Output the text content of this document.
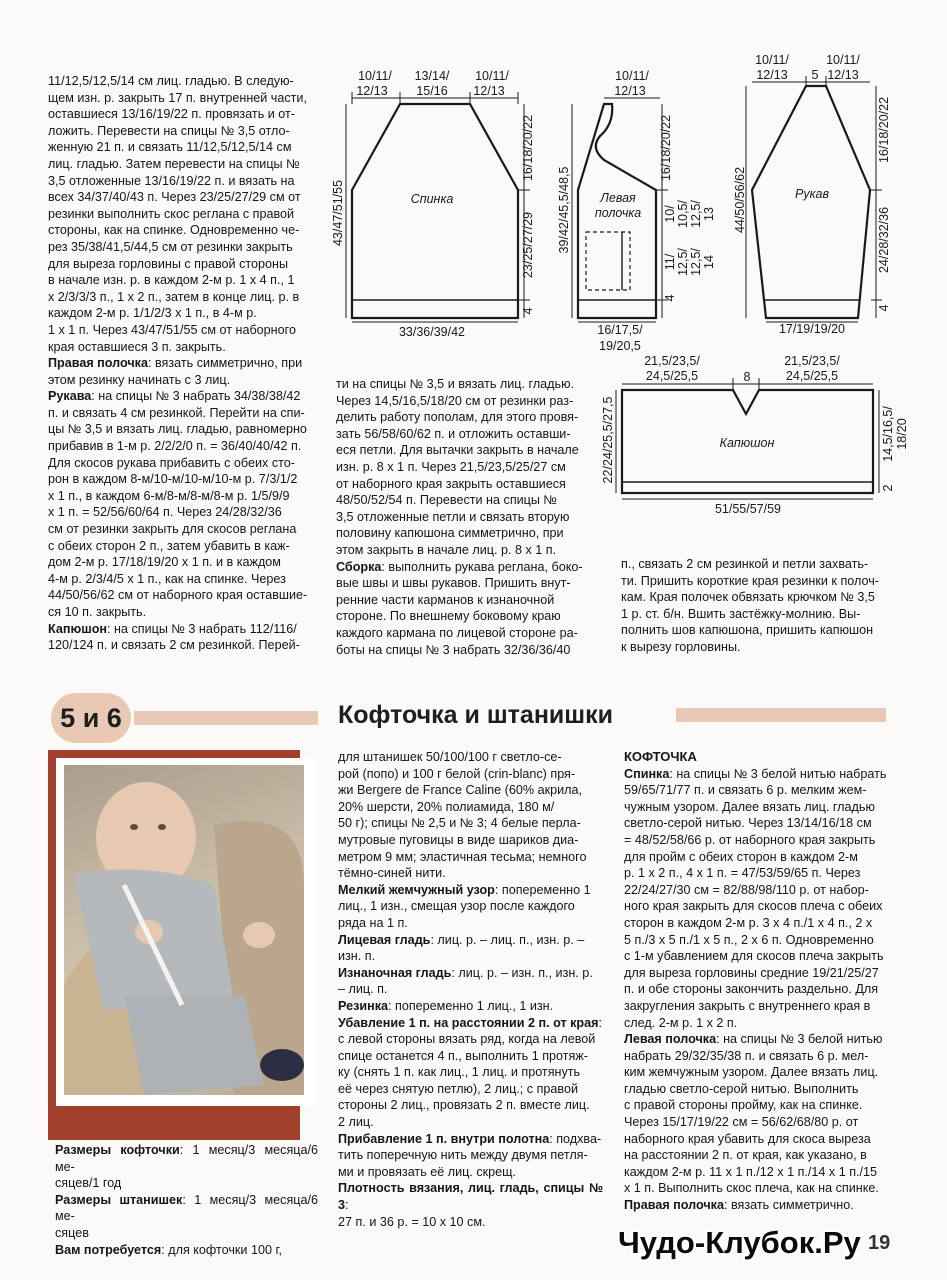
Спинка
10/11/
12/13
13/14/
15/16
10/11/
12/13
43/47/51/55
16/18/20/22
23/25/27/29
4
33/36/39/42
Левая
полочка
10/11/
12/13
39/42/45,5/48,5
16/18/20/22
10/ 10,5/ 12,5/ 13
11/ 12,5/ 12,5/ 14
4
16/17,5/
19/20,5
Рукав
10/11/
12/13 5
10/11/
12/13
44/50/56/62
16/18/20/22
24/28/32/36
4
17/19/19/20
Капюшон
21,5/23,5/
24,5/25,5	8
21,5/23,5/
24,5/25,5
22/24/25,5/27,5	14,5/16,5/ 18/20
2
51/55/57/59

11/12,5/12,5/14 см лиц. гладью. В следую-

щем изн. р. закрыть 17 п. внутренней части,

оставшиеся 13/16/19/22 п. провязать и от-

ложить. Перевести на спицы № 3,5 отло-

женную 21 п. и связать 11/12,5/12,5/14 см

лиц. гладью. Затем перевести на спицы №

3,5 отложенные 13/16/19/22 п. и вязать на

всех 34/37/40/43 п. Через 23/25/27/29 см от

резинки выполнить скос реглана с правой

стороны, как на спинке. Одновременно че-

рез 35/38/41,5/44,5 см от резинки закрыть

для выреза горловины с правой стороны

в начале изн. р. в каждом 2-м р. 1 х 4 п., 1

х 2/3/3/3 п., 1 х 2 п., затем в конце лиц. р. в

каждом 2-м р. 1/1/2/3 х 1 п., в 4-м р.

1 х 1 п. Через 43/47/51/55 см от наборного

края оставшиеся 3 п. закрыть.

Правая полочка: вязать симметрично, при

этом резинку начинать с 3 лиц.

Рукава: на спицы № 3 набрать 34/38/38/42

п. и связать 4 см резинкой. Перейти на спи-

цы № 3,5 и вязать лиц. гладью, равномерно

прибавив в 1-м р. 2/2/2/0 п. = 36/40/40/42 п.

Для скосов рукава прибавить с обеих сто-

рон в каждом 8-м/10-м/10-м/10-м р. 7/3/1/2

х 1 п., в каждом 6-м/8-м/8-м/8-м р. 1/5/9/9

х 1 п. = 52/56/60/64 п. Через 24/28/32/36

см от резинки закрыть для скосов реглана

с обеих сторон 2 п., затем убавить в каж-

дом 2-м р. 17/18/19/20 х 1 п. и в каждом

4-м р. 2/3/4/5 х 1 п., как на спинке. Через

44/50/56/62 см от наборного края оставшие-

ся 10 п. закрыть.

Капюшон: на спицы № 3 набрать 112/116/

120/124 п. и связать 2 см резинкой. Перей-

ти на спицы № 3,5 и вязать лиц. гладью.

Через 14,5/16,5/18/20 см от резинки раз-

делить работу пополам, для этого провя-

зать 56/58/60/62 п. и отложить оставши-

еся петли. Для вытачки закрыть в начале

изн. р. 8 х 1 п. Через 21,5/23,5/25/27 см

от наборного края закрыть оставшиеся

48/50/52/54 п. Перевести на спицы №

3,5 отложенные петли и связать вторую

половину капюшона симметрично, при

этом закрыть в начале лиц. р. 8 х 1 п.

Сборка: выполнить рукава реглана, боко-

вые швы и швы рукавов. Пришить внут-

ренние части карманов к изнаночной

стороне. По внешнему боковому краю

каждого кармана по лицевой стороне ра-

боты на спицы № 3 набрать 32/36/36/40

п., связать 2 см резинкой и петли захвать-

ти. Пришить короткие края резинки к полоч-

кам. Края полочек обвязать крючком № 3,5

1 р. ст. б/н. Вшить застёжку-молнию. Вы-

полнить шов капюшона, пришить капюшон

к вырезу горловины.

5 и 6	Кофточка и штанишки

Размеры кофточки: 1 месяц/3 месяца/6 ме-

сяцев/1 год

Размеры штанишек: 1 месяц/3 месяца/6 ме-

сяцев

Вам потребуется: для кофточки 100 г,

для штанишек 50/100/100 г светло-се-

рой (попо) и 100 г белой (crin-blanc) пря-

жи Bergere de France Caline (60% акрила,

20% шерсти, 20% полиамида, 180 м/

50 г); спицы № 2,5 и № 3; 4 белые перла-

мутровые пуговицы в виде шариков диа-

метром 9 мм; эластичная тесьма; немного

тёмно-синей нити.

Мелкий жемчужный узор: попеременно 1

лиц., 1 изн., смещая узор после каждого

ряда на 1 п.

Лицевая гладь: лиц. р. – лиц. п., изн. р. –

изн. п.

Изнаночная гладь: лиц. р. – изн. п., изн. р.

– лиц. п.

Резинка: попеременно 1 лиц., 1 изн.

Убавление 1 п. на расстоянии 2 п. от края:

с левой стороны вязать ряд, когда на левой

спице останется 4 п., выполнить 1 протяж-

ку (снять 1 п. как лиц., 1 лиц. и протянуть

её через снятую петлю), 2 лиц.; с правой

стороны 2 лиц., провязать 2 п. вместе лиц.

2 лиц.

Прибавление 1 п. внутри полотна: подхва-

тить поперечную нить между двумя петля-

ми и провязать её лиц. скрещ.

Плотность вязания, лиц. гладь, спицы № 3:

27 п. и 36 р. = 10 х 10 см.

КОФТОЧКА

Спинка: на спицы № 3 белой нитью набрать

59/65/71/77 п. и связать 6 р. мелким жем-

чужным узором. Далее вязать лиц. гладью

светло-серой нитью. Через 13/14/16/18 см

= 48/52/58/66 р. от наборного края закрыть

для пройм с обеих сторон в каждом 2-м

р. 1 х 2 п., 4 х 1 п. = 47/53/59/65 п. Через

22/24/27/30 см = 82/88/98/110 р. от набор-

ного края закрыть для скосов плеча с обеих

сторон в каждом 2-м р. 3 х 4 п./1 х 4 п., 2 х

5 п./3 х 5 п./1 х 5 п., 2 х 6 п. Одновременно

с 1-м убавлением для скосов плеча закрыть

для выреза горловины средние 19/21/25/27

п. и обе стороны закончить раздельно. Для

закругления закрыть с внутреннего края в

след. 2-м р. 1 х 2 п.

Левая полочка: на спицы № 3 белой нитью

набрать 29/32/35/38 п. и связать 6 р. мел-

ким жемчужным узором. Далее вязать лиц.

гладью светло-серой нитью. Выполнить

с правой стороны пройму, как на спинке.

Через 15/17/19/22 см = 56/62/68/80 р. от

наборного края убавить для скоса выреза

на расстоянии 2 п. от края, как указано, в

каждом 2-м р. 11 х 1 п./12 х 1 п./14 х 1 п./15

х 1 п. Выполнить скос плеча, как на спинке.

Правая полочка: вязать симметрично.

Чудо-Клубок.Ру 19
